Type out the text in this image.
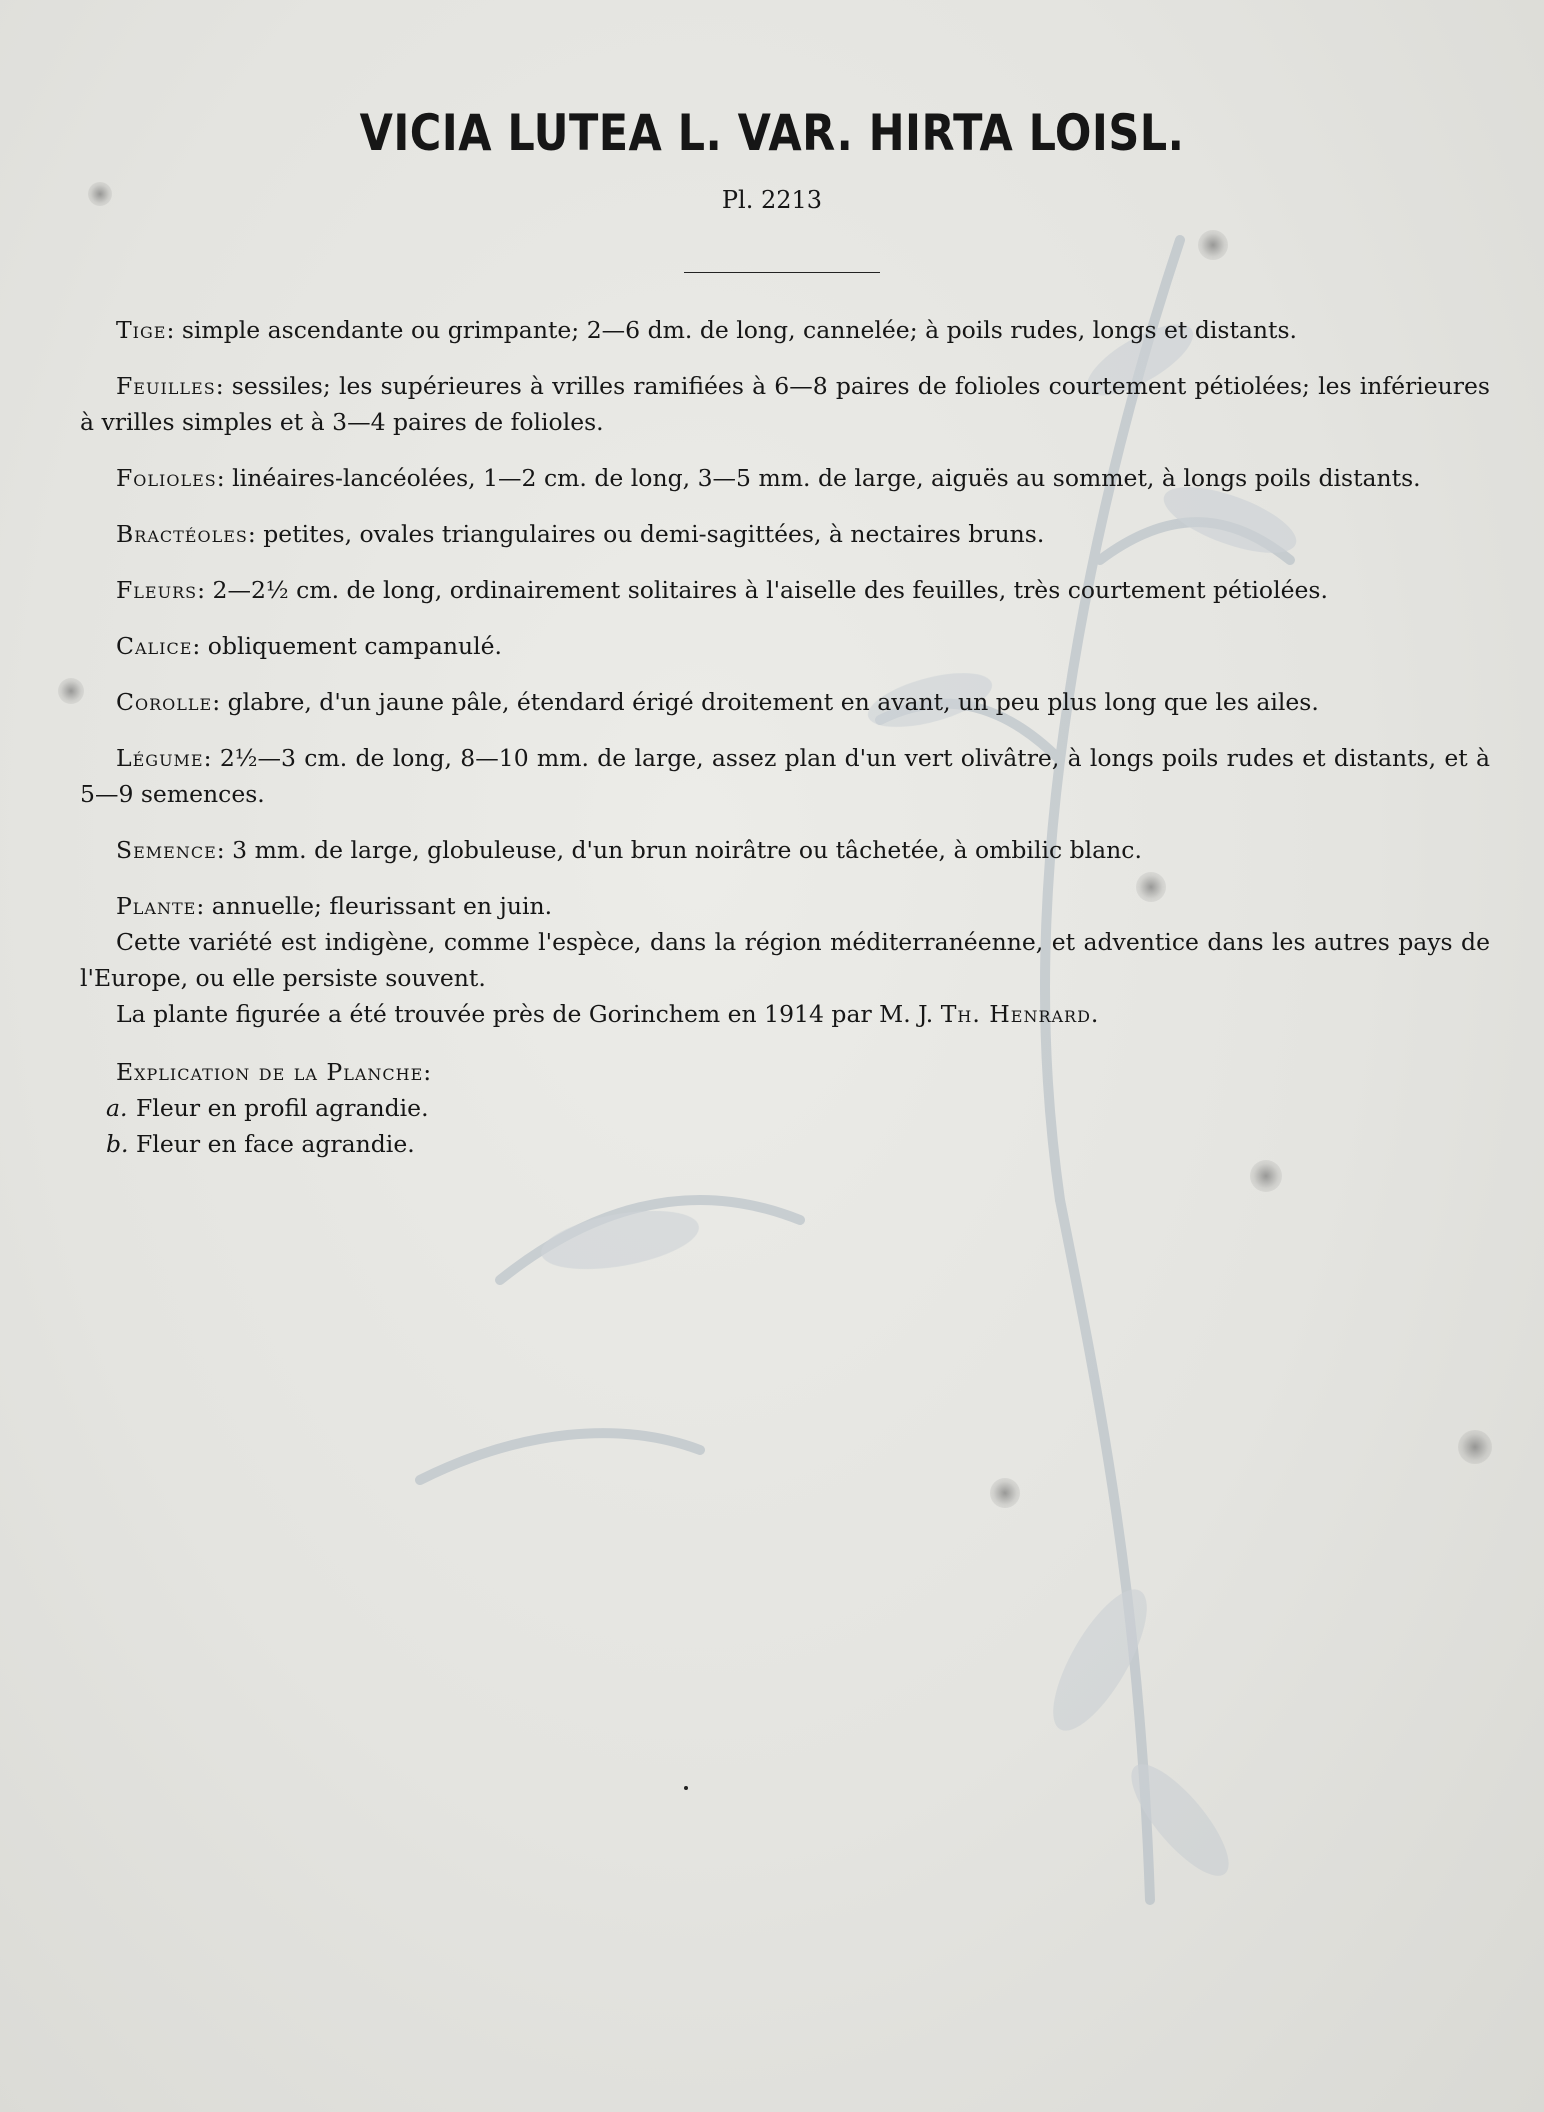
VICIA LUTEA L. VAR. HIRTA LOISL.
Pl. 2213

Tige: simple ascendante ou grimpante; 2—6 dm. de long, cannelée; à poils rudes, longs et distants.

Feuilles: sessiles; les supérieures à vrilles ramifiées à 6—8 paires de folioles courtement pétiolées; les inférieures à vrilles simples et à 3—4 paires de folioles.

Folioles: linéaires-lancéolées, 1—2 cm. de long, 3—5 mm. de large, aiguës au sommet, à longs poils distants.

Bractéoles: petites, ovales triangulaires ou demi-sagittées, à nectaires bruns.

Fleurs: 2—2½ cm. de long, ordinairement solitaires à l'aiselle des feuilles, très courtement pétiolées.

Calice: obliquement campanulé.

Corolle: glabre, d'un jaune pâle, étendard érigé droitement en avant, un peu plus long que les ailes.

Légume: 2½—3 cm. de long, 8—10 mm. de large, assez plan d'un vert olivâtre, à longs poils rudes et distants, et à 5—9 semences.

Semence: 3 mm. de large, globuleuse, d'un brun noirâtre ou tâchetée, à ombilic blanc.

Plante: annuelle; fleurissant en juin.

Cette variété est indigène, comme l'espèce, dans la région méditerranéenne, et adventice dans les autres pays de l'Europe, ou elle persiste souvent.

La plante figurée a été trouvée près de Gorinchem en 1914 par M. J. Th. Henrard.

Explication de la Planche:

a. Fleur en profil agrandie.

b. Fleur en face agrandie.
